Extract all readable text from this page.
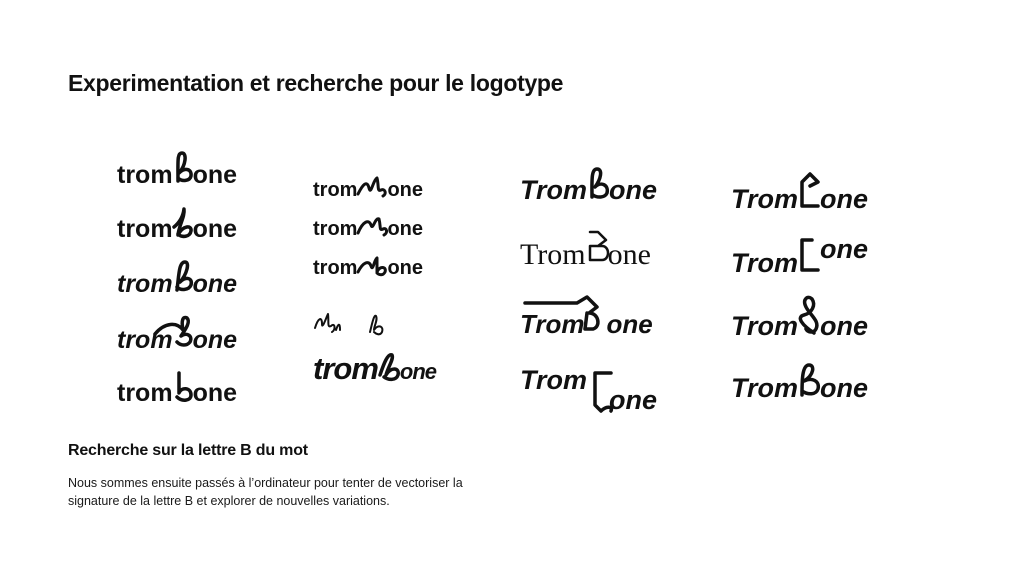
Experimentation et recherche pour le logotype
trom one
trom one
trom one
trom one
trom one
trom one
trom one
trom one
trom one
Trom one
Trom one
Trom one
Trom
one
Trom one
Trom one
Trom one
Trom one
Recherche sur la lettre B du mot

Nous sommes ensuite passés à l’ordinateur pour tenter de vectoriser la signature de la lettre B et explorer de nouvelles variations.
